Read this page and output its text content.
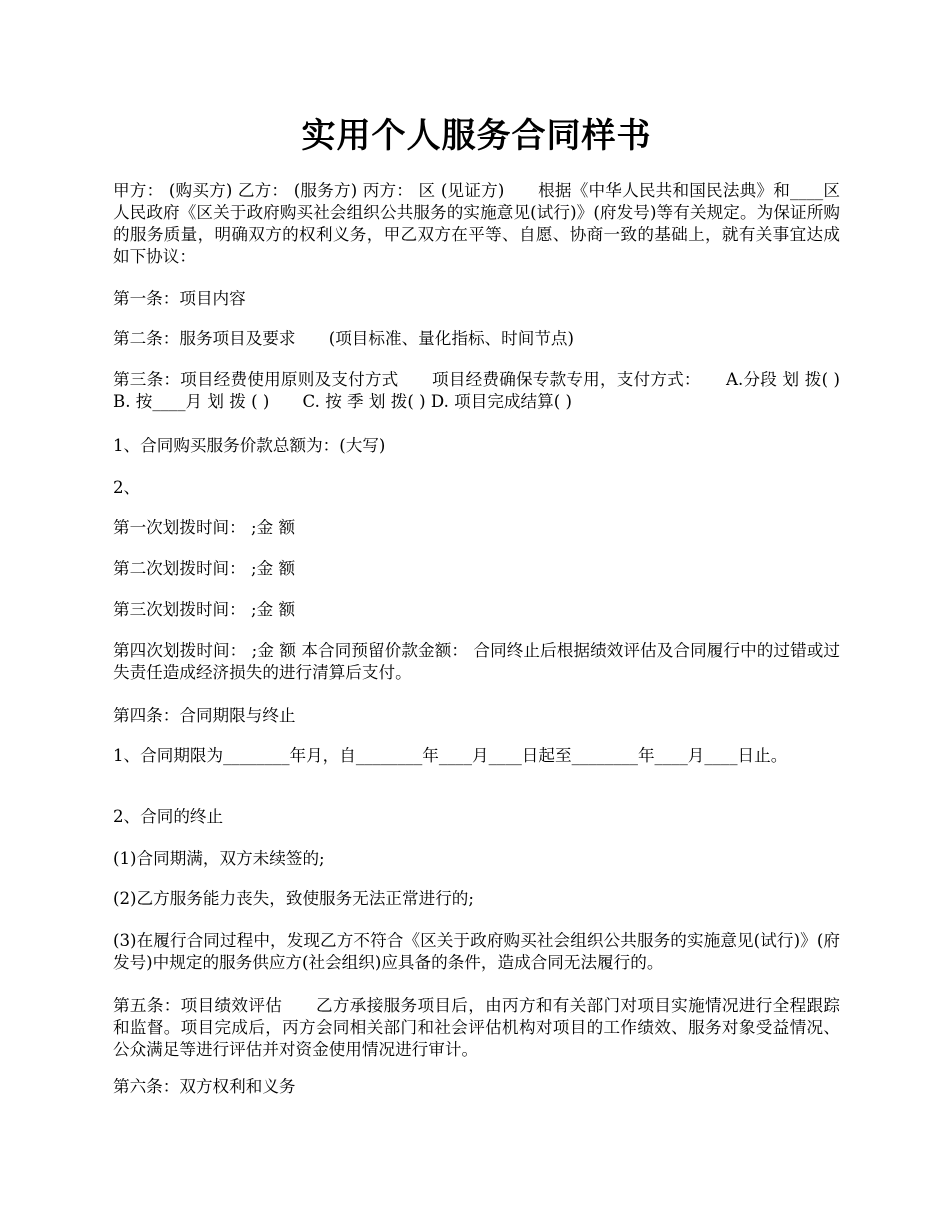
实用个人服务合同样书

甲方： (购买方) 乙方： (服务方) 丙方： 区 (见证方)　　根据《中华人民共和国民法典》和____区人民政府《区关于政府购买社会组织公共服务的实施意见(试行)》(府发号)等有关规定。为保证所购的服务质量，明确双方的权利义务，甲乙双方在平等、自愿、协商一致的基础上，就有关事宜达成如下协议：

第一条：项目内容

第二条：服务项目及要求　　(项目标准、量化指标、时间节点)

第三条：项目经费使用原则及支付方式　　项目经费确保专款专用，支付方式：　　A.分段 划 拨( ) B. 按____月 划 拨 ( )　　C. 按 季 划 拨( ) D. 项目完成结算( )

1、合同购买服务价款总额为：(大写)

2、

第一次划拨时间： ;金 额

第二次划拨时间： ;金 额

第三次划拨时间： ;金 额

第四次划拨时间： ;金 额 本合同预留价款金额： 合同终止后根据绩效评估及合同履行中的过错或过失责任造成经济损失的进行清算后支付。

第四条：合同期限与终止

1、合同期限为________年月，自________年____月____日起至________年____月____日止。

2、合同的终止

(1)合同期满，双方未续签的;

(2)乙方服务能力丧失，致使服务无法正常进行的;

(3)在履行合同过程中，发现乙方不符合《区关于政府购买社会组织公共服务的实施意见(试行)》(府发号)中规定的服务供应方(社会组织)应具备的条件，造成合同无法履行的。

第五条：项目绩效评估　　乙方承接服务项目后，由丙方和有关部门对项目实施情况进行全程跟踪和监督。项目完成后，丙方会同相关部门和社会评估机构对项目的工作绩效、服务对象受益情况、公众满足等进行评估并对资金使用情况进行审计。

第六条：双方权利和义务
